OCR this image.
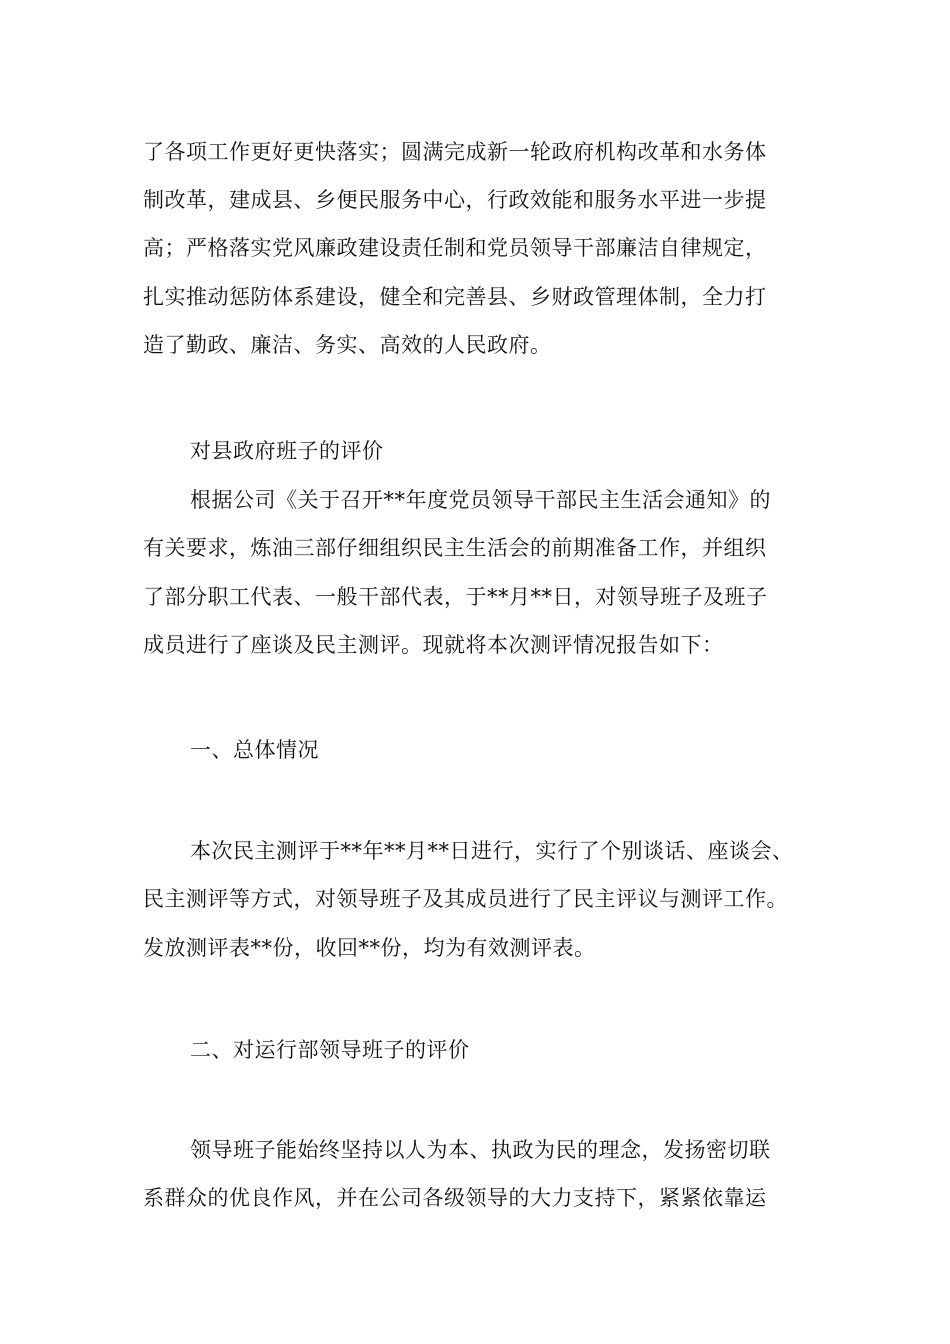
了各项工作更好更快落实；圆满完成新一轮政府机构改革和水务体
制改革，建成县、乡便民服务中心，行政效能和服务水平进一步提
高；严格落实党风廉政建设责任制和党员领导干部廉洁自律规定，
扎实推动惩防体系建设，健全和完善县、乡财政管理体制，全力打
造了勤政、廉洁、务实、高效的人民政府。
对县政府班子的评价
根据公司《关于召开**年度党员领导干部民主生活会通知》的
有关要求，炼油三部仔细组织民主生活会的前期准备工作，并组织
了部分职工代表、一般干部代表，于**月**日，对领导班子及班子
成员进行了座谈及民主测评。现就将本次测评情况报告如下：
一、总体情况
本次民主测评于**年**月**日进行，实行了个别谈话、座谈会、
民主测评等方式，对领导班子及其成员进行了民主评议与测评工作。
发放测评表**份，收回**份，均为有效测评表。
二、对运行部领导班子的评价
领导班子能始终坚持以人为本、执政为民的理念，发扬密切联
系群众的优良作风，并在公司各级领导的大力支持下，紧紧依靠运
